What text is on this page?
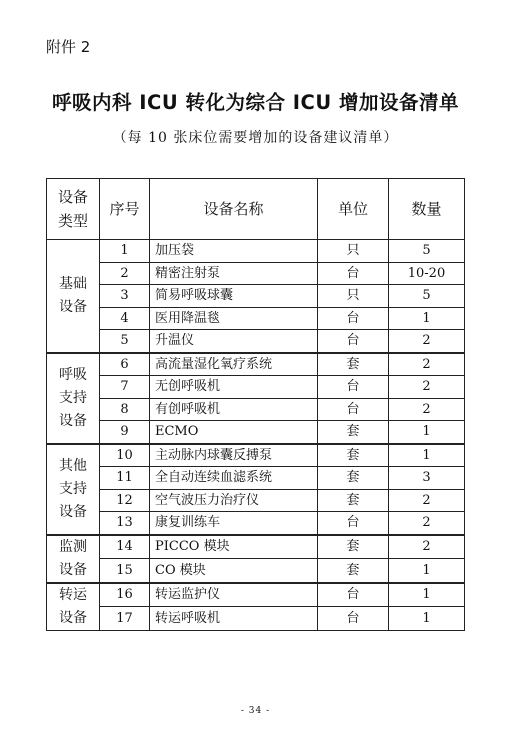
附件 2
呼吸内科 ICU 转化为综合 ICU 增加设备清单
（每 10 张床位需要增加的设备建议清单）
设备
类型	序号	设备名称	单位	数量
基础
设备	1	加压袋	只	5
	2	精密注射泵	台	10-20
	3	简易呼吸球囊	只	5
	4	医用降温毯	台	1
	5	升温仪	台	2
呼吸
支持
设备	6	高流量湿化氧疗系统	套	2
	7	无创呼吸机	台	2
	8	有创呼吸机	台	2
	9	ECMO	套	1
其他
支持
设备	10	主动脉内球囊反搏泵	套	1
	11	全自动连续血滤系统	套	3
	12	空气波压力治疗仪	套	2
	13	康复训练车	台	2
监测
设备	14	PICCO 模块	套	2
	15	CO 模块	套	1
转运
设备	16	转运监护仪	台	1
	17	转运呼吸机	台	1
- 34 -
